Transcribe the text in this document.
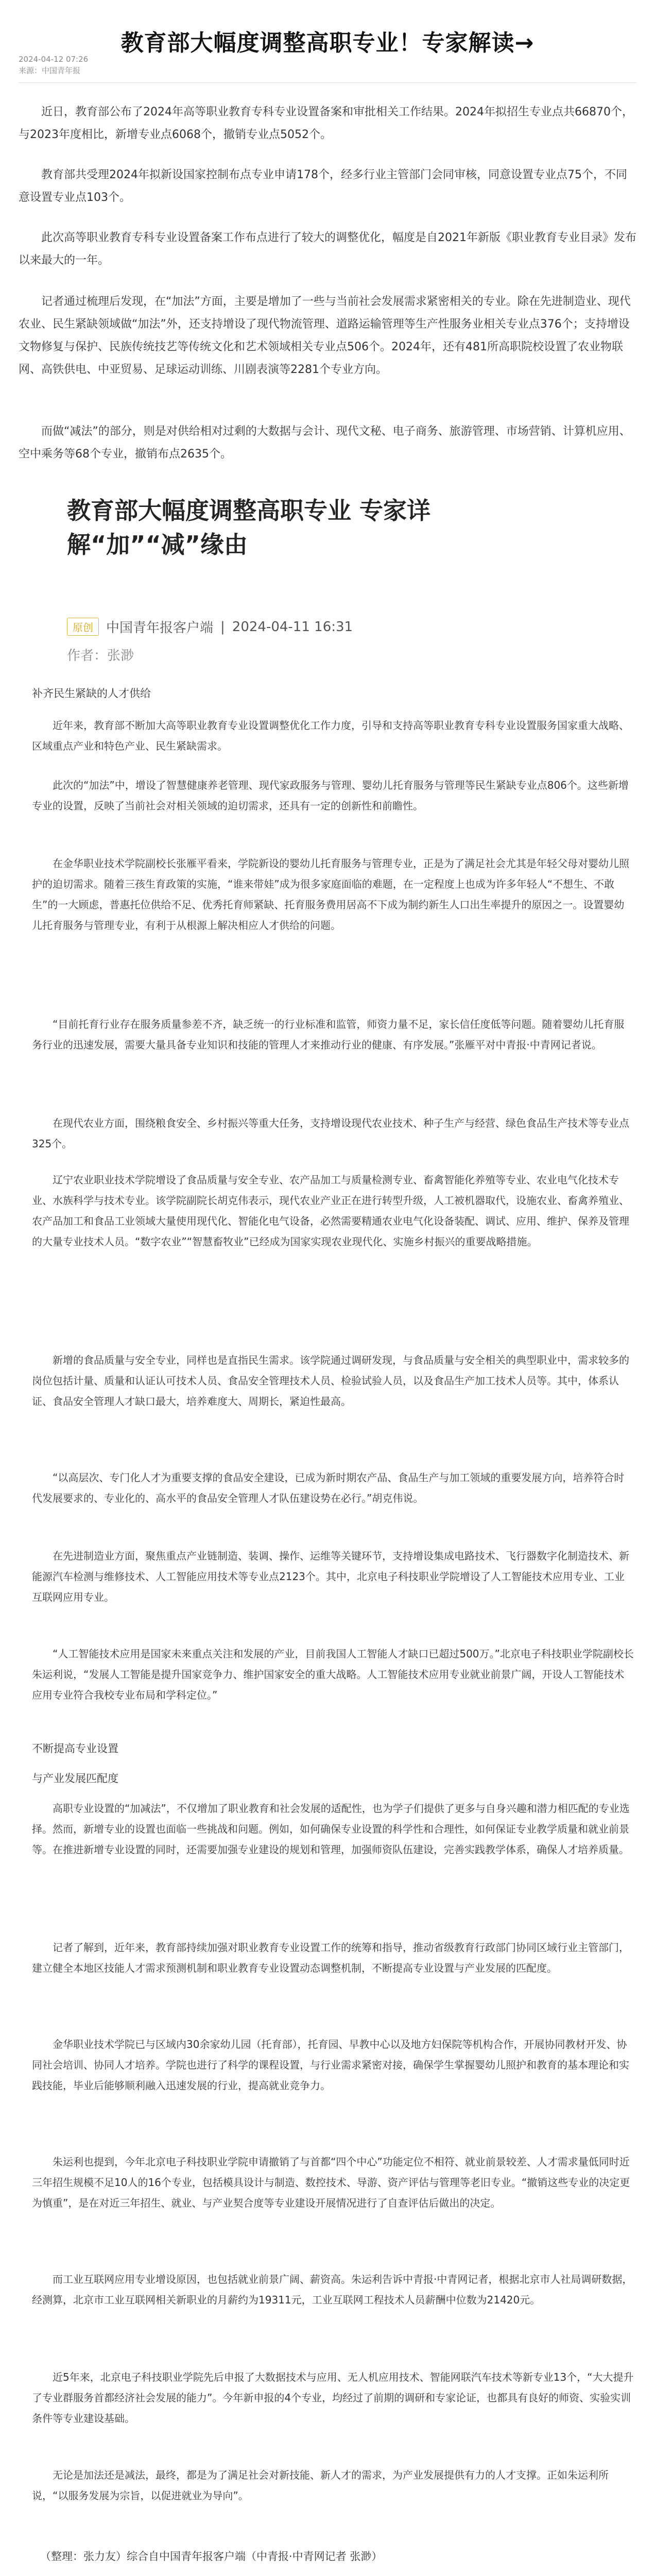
教育部大幅度调整高职专业！专家解读→
2024-04-12 07:26
来源：中国青年报

近日，教育部公布了2024年高等职业教育专科专业设置备案和审批相关工作结果。2024年拟招生专业点共66870个，与2023年度相比，新增专业点6068个，撤销专业点5052个。

教育部共受理2024年拟新设国家控制布点专业申请178个，经多行业主管部门会同审核，同意设置专业点75个，不同意设置专业点103个。

此次高等职业教育专科专业设置备案工作布点进行了较大的调整优化，幅度是自2021年新版《职业教育专业目录》发布以来最大的一年。

记者通过梳理后发现，在“加法”方面，主要是增加了一些与当前社会发展需求紧密相关的专业。除在先进制造业、现代农业、民生紧缺领域做“加法”外，还支持增设了现代物流管理、道路运输管理等生产性服务业相关专业点376个；支持增设文物修复与保护、民族传统技艺等传统文化和艺术领域相关专业点506个。2024年，还有481所高职院校设置了农业物联网、高铁供电、中亚贸易、足球运动训练、川剧表演等2281个专业方向。

而做“减法”的部分，则是对供给相对过剩的大数据与会计、现代文秘、电子商务、旅游管理、市场营销、计算机应用、空中乘务等68个专业，撤销布点2635个。

教育部大幅度调整高职专业 专家详解“加”“减”缘由
原创 中国青年报客户端 | 2024-04-11 16:31
作者：张渺
补齐民生紧缺的人才供给

近年来，教育部不断加大高等职业教育专业设置调整优化工作力度，引导和支持高等职业教育专科专业设置服务国家重大战略、区域重点产业和特色产业、民生紧缺需求。

此次的“加法”中，增设了智慧健康养老管理、现代家政服务与管理、婴幼儿托育服务与管理等民生紧缺专业点806个。这些新增专业的设置，反映了当前社会对相关领域的迫切需求，还具有一定的创新性和前瞻性。

在金华职业技术学院副校长张雁平看来，学院新设的婴幼儿托育服务与管理专业，正是为了满足社会尤其是年轻父母对婴幼儿照护的迫切需求。随着三孩生育政策的实施，“谁来带娃”成为很多家庭面临的难题，在一定程度上也成为许多年轻人“不想生、不敢生”的一大顾虑，普惠托位供给不足、优秀托育师紧缺、托育服务费用居高不下成为制约新生人口出生率提升的原因之一。设置婴幼儿托育服务与管理专业，有利于从根源上解决相应人才供给的问题。

“目前托育行业存在服务质量参差不齐，缺乏统一的行业标准和监管，师资力量不足，家长信任度低等问题。随着婴幼儿托育服务行业的迅速发展，需要大量具备专业知识和技能的管理人才来推动行业的健康、有序发展。”张雁平对中青报·中青网记者说。

在现代农业方面，围绕粮食安全、乡村振兴等重大任务，支持增设现代农业技术、种子生产与经营、绿色食品生产技术等专业点325个。

辽宁农业职业技术学院增设了食品质量与安全专业、农产品加工与质量检测专业、畜禽智能化养殖等专业、农业电气化技术专业、水族科学与技术专业。该学院副院长胡克伟表示，现代农业产业正在进行转型升级，人工被机器取代，设施农业、畜禽养殖业、农产品加工和食品工业领域大量使用现代化、智能化电气设备，必然需要精通农业电气化设备装配、调试、应用、维护、保养及管理的大量专业技术人员。“数字农业”“智慧畜牧业”已经成为国家实现农业现代化、实施乡村振兴的重要战略措施。

新增的食品质量与安全专业，同样也是直指民生需求。该学院通过调研发现，与食品质量与安全相关的典型职业中，需求较多的岗位包括计量、质量和认证认可技术人员、食品安全管理技术人员、检验试验人员，以及食品生产加工技术人员等。其中，体系认证、食品安全管理人才缺口最大，培养难度大、周期长，紧迫性最高。

“以高层次、专门化人才为重要支撑的食品安全建设，已成为新时期农产品、食品生产与加工领域的重要发展方向，培养符合时代发展要求的、专业化的、高水平的食品安全管理人才队伍建设势在必行。”胡克伟说。

在先进制造业方面，聚焦重点产业链制造、装调、操作、运维等关键环节，支持增设集成电路技术、飞行器数字化制造技术、新能源汽车检测与维修技术、人工智能应用技术等专业点2123个。其中，北京电子科技职业学院增设了人工智能技术应用专业、工业互联网应用专业。

“人工智能技术应用是国家未来重点关注和发展的产业，目前我国人工智能人才缺口已超过500万。”北京电子科技职业学院副校长朱运利说，“发展人工智能是提升国家竞争力、维护国家安全的重大战略。人工智能技术应用专业就业前景广阔，开设人工智能技术应用专业符合我校专业布局和学科定位。”

不断提高专业设置
与产业发展匹配度

高职专业设置的“加减法”，不仅增加了职业教育和社会发展的适配性，也为学子们提供了更多与自身兴趣和潜力相匹配的专业选择。然而，新增专业的设置也面临一些挑战和问题。例如，如何确保专业设置的科学性和合理性，如何保证专业教学质量和就业前景等。在推进新增专业设置的同时，还需要加强专业建设的规划和管理，加强师资队伍建设，完善实践教学体系，确保人才培养质量。

记者了解到，近年来，教育部持续加强对职业教育专业设置工作的统筹和指导，推动省级教育行政部门协同区域行业主管部门，建立健全本地区技能人才需求预测机制和职业教育专业设置动态调整机制，不断提高专业设置与产业发展的匹配度。

金华职业技术学院已与区域内30余家幼儿园（托育部），托育园、早教中心以及地方妇保院等机构合作，开展协同教材开发、协同社会培训、协同人才培养。学院也进行了科学的课程设置，与行业需求紧密对接，确保学生掌握婴幼儿照护和教育的基本理论和实践技能，毕业后能够顺利融入迅速发展的行业，提高就业竞争力。

朱运利也提到，今年北京电子科技职业学院申请撤销了与首都“四个中心”功能定位不相符、就业前景较差、人才需求量低同时近三年招生规模不足10人的16个专业，包括模具设计与制造、数控技术、导游、资产评估与管理等老旧专业。“撤销这些专业的决定更为慎重”，是在对近三年招生、就业、与产业契合度等专业建设开展情况进行了自查评估后做出的决定。

而工业互联网应用专业增设原因，也包括就业前景广阔、薪资高。朱运利告诉中青报·中青网记者，根据北京市人社局调研数据，经测算，北京市工业互联网相关新职业的月薪约为19311元，工业互联网工程技术人员薪酬中位数为21420元。

近5年来，北京电子科技职业学院先后申报了大数据技术与应用、无人机应用技术、智能网联汽车技术等新专业13个，“大大提升了专业群服务首都经济社会发展的能力”。今年新申报的4个专业，均经过了前期的调研和专家论证，也都具有良好的师资、实验实训条件等专业建设基础。

无论是加法还是减法，最终，都是为了满足社会对新技能、新人才的需求，为产业发展提供有力的人才支撑。正如朱运利所说，“以服务发展为宗旨，以促进就业为导向”。

（整理：张力友）综合自中国青年报客户端（中青报·中青网记者 张渺）
